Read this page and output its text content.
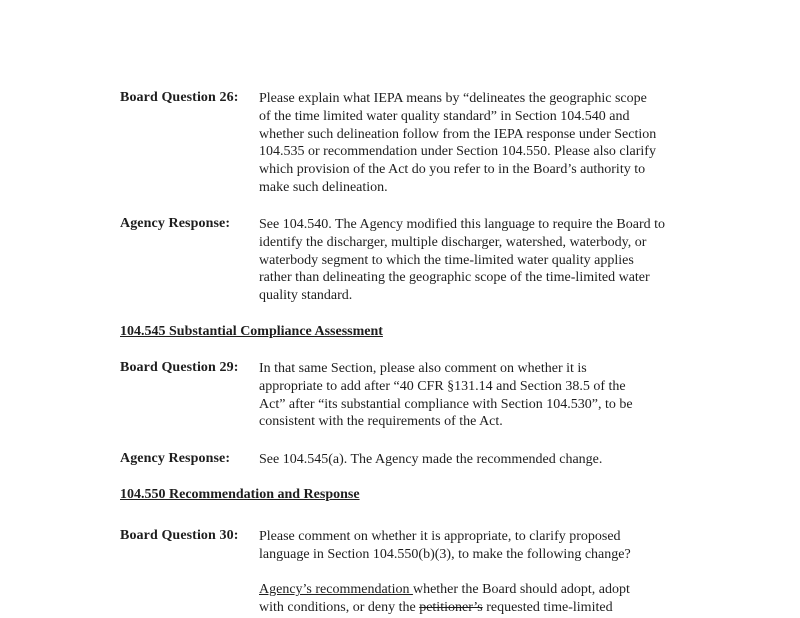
Board Question 26: Please explain what IEPA means by “delineates the geographic scope
of the time limited water quality standard” in Section 104.540 and
whether such delineation follow from the IEPA response under Section
104.535 or recommendation under Section 104.550. Please also clarify
which provision of the Act do you refer to in the Board’s authority to
make such delineation.
Agency Response: See 104.540. The Agency modified this language to require the Board to
identify the discharger, multiple discharger, watershed, waterbody, or
waterbody segment to which the time-limited water quality applies
rather than delineating the geographic scope of the time-limited water
quality standard.
104.545 Substantial Compliance Assessment
Board Question 29: In that same Section, please also comment on whether it is
appropriate to add after “40 CFR §131.14 and Section 38.5 of the
Act” after “its substantial compliance with Section 104.530”, to be
consistent with the requirements of the Act.
Agency Response: See 104.545(a). The Agency made the recommended change.
104.550 Recommendation and Response
Board Question 30: Please comment on whether it is appropriate, to clarify proposed
language in Section 104.550(b)(3), to make the following change?
Agency’s recommendation whether the Board should adopt, adopt
with conditions, or deny the petitioner’s requested time-limited
